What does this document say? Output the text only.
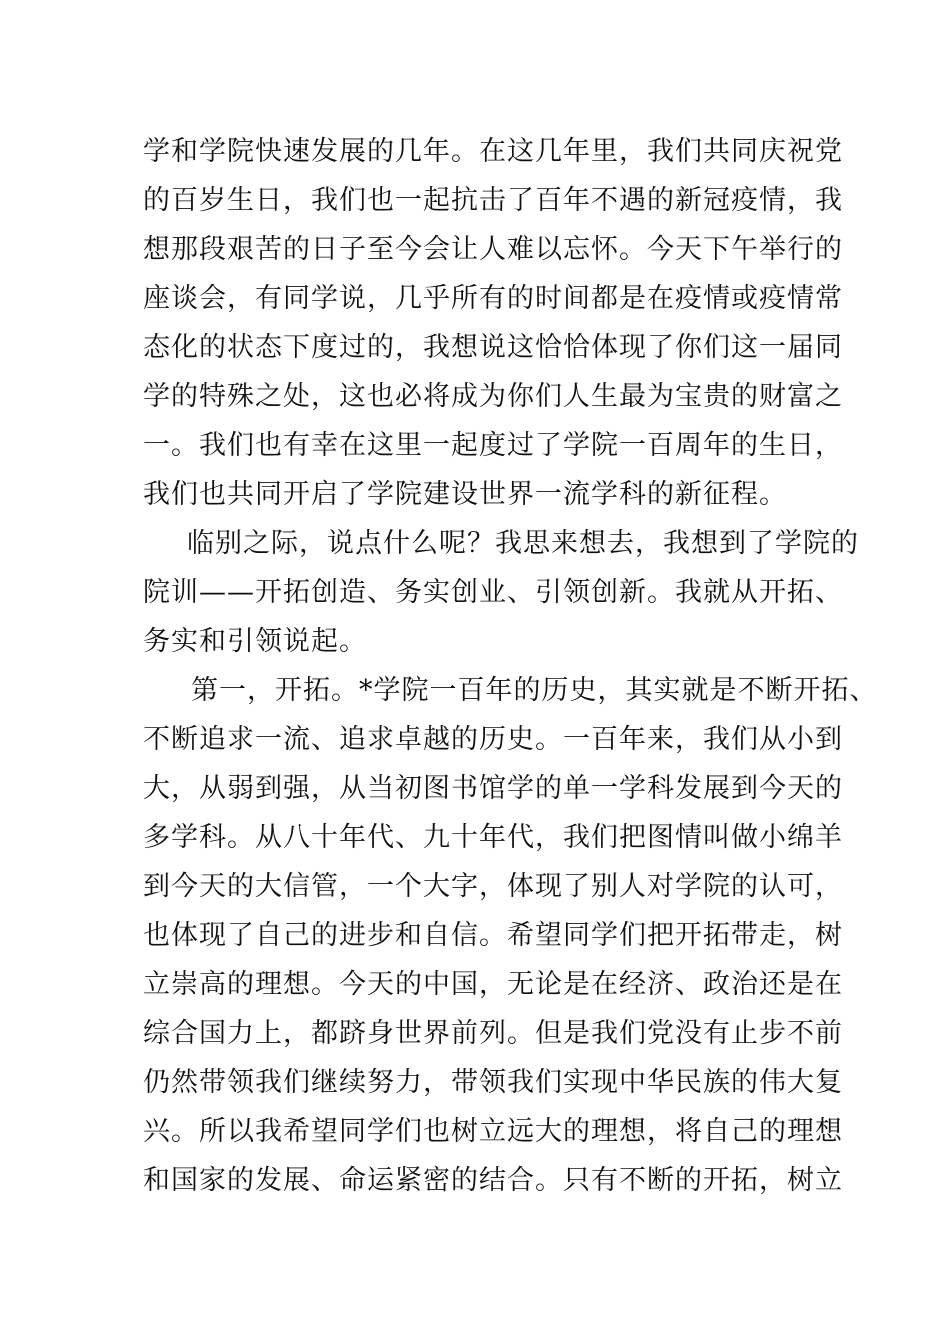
学和学院快速发展的几年。在这几年里，我们共同庆祝党
的百岁生日，我们也一起抗击了百年不遇的新冠疫情，我
想那段艰苦的日子至今会让人难以忘怀。今天下午举行的
座谈会，有同学说，几乎所有的时间都是在疫情或疫情常
态化的状态下度过的，我想说这恰恰体现了你们这一届同
学的特殊之处，这也必将成为你们人生最为宝贵的财富之
一。我们也有幸在这里一起度过了学院一百周年的生日，
我们也共同开启了学院建设世界一流学科的新征程。
临别之际，说点什么呢？我思来想去，我想到了学院的
院训——开拓创造、务实创业、引领创新。我就从开拓、
务实和引领说起。
第一，开拓。*学院一百年的历史，其实就是不断开拓、
不断追求一流、追求卓越的历史。一百年来，我们从小到
大，从弱到强，从当初图书馆学的单一学科发展到今天的
多学科。从八十年代、九十年代，我们把图情叫做小绵羊
到今天的大信管，一个大字，体现了别人对学院的认可，
也体现了自己的进步和自信。希望同学们把开拓带走，树
立崇高的理想。今天的中国，无论是在经济、政治还是在
综合国力上，都跻身世界前列。但是我们党没有止步不前
仍然带领我们继续努力，带领我们实现中华民族的伟大复
兴。所以我希望同学们也树立远大的理想，将自己的理想
和国家的发展、命运紧密的结合。只有不断的开拓，树立
